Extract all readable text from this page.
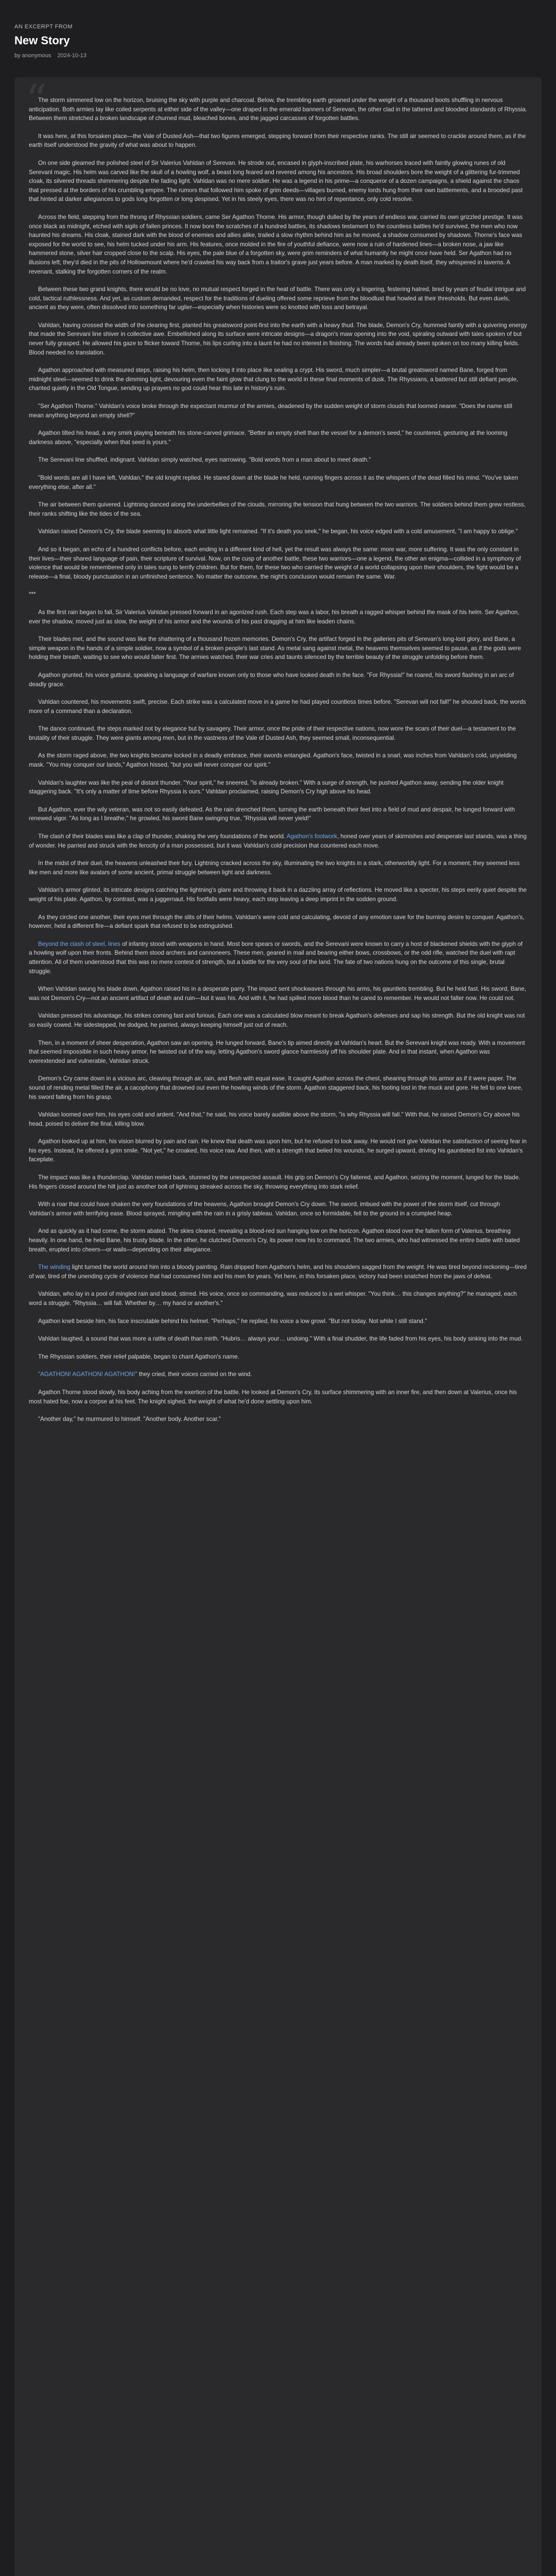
AN EXCERPT FROM
New Story
by anonymous 2024-10-13
“

The storm simmered low on the horizon, bruising the sky with purple and charcoal. Below, the trembling earth groaned under the weight of a thousand boots shuffling in nervous anticipation. Both armies lay like coiled serpents at either side of the valley—one draped in the emerald banners of Serevan, the other clad in the tattered and bloodied standards of Rhyssia. Between them stretched a broken landscape of churned mud, bleached bones, and the jagged carcasses of forgotten battles.

It was here, at this forsaken place—the Vale of Dusted Ash—that two figures emerged, stepping forward from their respective ranks. The still air seemed to crackle around them, as if the earth itself understood the gravity of what was about to happen.

On one side gleamed the polished steel of Sir Valerius Vahldan of Serevan. He strode out, encased in glyph-inscribed plate, his warhorses traced with faintly glowing runes of old Serevanl magic. His helm was carved like the skull of a howling wolf, a beast long feared and revered among his ancestors. His broad shoulders bore the weight of a glittering fur-trimmed cloak, its silvered threads shimmering despite the fading light. Vahldan was no mere soldier. He was a legend in his prime—a conqueror of a dozen campaigns, a shield against the chaos that pressed at the borders of his crumbling empire. The rumors that followed him spoke of grim deeds—villages burned, enemy lords hung from their own battlements, and a brooded past that hinted at darker allegiances to gods long forgotten or long despised. Yet in his steely eyes, there was no hint of repentance, only cold resolve.

Across the field, stepping from the throng of Rhyssian soldiers, came Ser Agathon Thorne. His armor, though dulled by the years of endless war, carried its own grizzled prestige. It was once black as midnight, etched with sigils of fallen princes. It now bore the scratches of a hundred battles, its shadows testament to the countless battles he'd survived, the men who now haunted his dreams. His cloak, stained dark with the blood of enemies and allies alike, trailed a slow rhythm behind him as he moved, a shadow consumed by shadows. Thorne's face was exposed for the world to see, his helm tucked under his arm. His features, once molded in the fire of youthful defiance, were now a ruin of hardened lines—a broken nose, a jaw like hammered stone, silver hair cropped close to the scalp. His eyes, the pale blue of a forgotten sky, were grim reminders of what humanity he might once have held. Ser Agathon had no illusions left; they'd died in the pits of Hollowmount where he'd crawled his way back from a traitor's grave just years before. A man marked by death itself, they whispered in taverns. A revenant, stalking the forgotten corners of the realm.

Between these two grand knights, there would be no love, no mutual respect forged in the heat of battle. There was only a lingering, festering hatred, bred by years of feudal intrigue and cold, tactical ruthlessness. And yet, as custom demanded, respect for the traditions of dueling offered some reprieve from the bloodlust that howled at their thresholds. But even duels, ancient as they were, often dissolved into something far uglier—especially when histories were so knotted with loss and betrayal.

Vahldan, having crossed the width of the clearing first, planted his greatsword point-first into the earth with a heavy thud. The blade, Demon's Cry, hummed faintly with a quivering energy that made the Serevani line shiver in collective awe. Embellished along its surface were intricate designs—a dragon's maw opening into the void, spiraling outward with tales spoken of but never fully grasped. He allowed his gaze to flicker toward Thorne, his lips curling into a taunt he had no interest in finishing. The words had already been spoken on too many killing fields. Blood needed no translation.

Agathon approached with measured steps, raising his helm, then locking it into place like sealing a crypt. His sword, much simpler—a brutal greatsword named Bane, forged from midnight steel—seemed to drink the dimming light, devouring even the faint glow that clung to the world in these final moments of dusk. The Rhyssians, a battered but still defiant people, chanted quietly in the Old Tongue, sending up prayers no god could hear this late in history's ruin.

"Ser Agathon Thorne." Vahldan's voice broke through the expectant murmur of the armies, deadened by the sudden weight of storm clouds that loomed nearer. "Does the name still mean anything beyond an empty shell?"

Agathon tilted his head, a wry smirk playing beneath his stone-carved grimace. "Better an empty shell than the vessel for a demon's seed," he countered, gesturing at the looming darkness above, "especially when that seed is yours."

The Serevani line shuffled, indignant. Vahldan simply watched, eyes narrowing. "Bold words from a man about to meet death."

"Bold words are all I have left, Vahldan," the old knight replied. He stared down at the blade he held, running fingers across it as the whispers of the dead filled his mind. "You've taken everything else, after all."

The air between them quivered. Lightning danced along the underbellies of the clouds, mirroring the tension that hung between the two warriors. The soldiers behind them grew restless, their ranks shifting like the tides of the sea.

Vahldan raised Demon's Cry, the blade seeming to absorb what little light remained. "If it's death you seek," he began, his voice edged with a cold amusement, "I am happy to oblige."

And so it began, an echo of a hundred conflicts before, each ending in a different kind of hell, yet the result was always the same: more war, more suffering. It was the only constant in their lives—their shared language of pain, their scripture of survival. Now, on the cusp of another battle, these two warriors—one a legend, the other an enigma—collided in a symphony of violence that would be remembered only in tales sung to terrify children. But for them, for these two who carried the weight of a world collapsing upon their shoulders, the fight would be a release—a final, bloody punctuation in an unfinished sentence. No matter the outcome, the night's conclusion would remain the same. War.

***

As the first rain began to fall, Sir Valerius Vahldan pressed forward in an agonized rush. Each step was a labor, his breath a ragged whisper behind the mask of his helm. Ser Agathon, ever the shadow, moved just as slow, the weight of his armor and the wounds of his past dragging at him like leaden chains.

Their blades met, and the sound was like the shattering of a thousand frozen memories. Demon's Cry, the artifact forged in the galleries pits of Serevan's long-lost glory, and Bane, a simple weapon in the hands of a simple soldier, now a symbol of a broken people's last stand. As metal sang against metal, the heavens themselves seemed to pause, as if the gods were holding their breath, waiting to see who would falter first. The armies watched, their war cries and taunts silenced by the terrible beauty of the struggle unfolding before them.

Agathon grunted, his voice guttural, speaking a language of warfare known only to those who have looked death in the face. "For Rhyssia!" he roared, his sword flashing in an arc of deadly grace.

Vahldan countered, his movements swift, precise. Each strike was a calculated move in a game he had played countless times before. "Serevan will not fall!" he shouted back, the words more of a command than a declaration.

The dance continued, the steps marked not by elegance but by savagery. Their armor, once the pride of their respective nations, now wore the scars of their duel—a testament to the brutality of their struggle. They were giants among men, but in the vastness of the Vale of Dusted Ash, they seemed small, inconsequential.

As the storm raged above, the two knights became locked in a deadly embrace, their swords entangled. Agathon's face, twisted in a snarl, was inches from Vahldan's cold, unyielding mask. "You may conquer our lands," Agathon hissed, "but you will never conquer our spirit."

Vahldan's laughter was like the peal of distant thunder. "Your spirit," he sneered, "is already broken." With a surge of strength, he pushed Agathon away, sending the older knight staggering back. "It's only a matter of time before Rhyssia is ours." Vahldan proclaimed, raising Demon's Cry high above his head.

But Agathon, ever the wily veteran, was not so easily defeated. As the rain drenched them, turning the earth beneath their feet into a field of mud and despair, he lunged forward with renewed vigor. "As long as I breathe," he growled, his sword Bane swinging true, "Rhyssia will never yield!"

The clash of their blades was like a clap of thunder, shaking the very foundations of the world. Agathon's footwork, honed over years of skirmishes and desperate last stands, was a thing of wonder. He parried and struck with the ferocity of a man possessed, but it was Vahldan's cold precision that countered each move.

In the midst of their duel, the heavens unleashed their fury. Lightning cracked across the sky, illuminating the two knights in a stark, otherworldly light. For a moment, they seemed less like men and more like avatars of some ancient, primal struggle between light and darkness.

Vahldan's armor glinted, its intricate designs catching the lightning's glare and throwing it back in a dazzling array of reflections. He moved like a specter, his steps eerily quiet despite the weight of his plate. Agathon, by contrast, was a juggernaut. His footfalls were heavy, each step leaving a deep imprint in the sodden ground.

As they circled one another, their eyes met through the slits of their helms. Vahldan's were cold and calculating, devoid of any emotion save for the burning desire to conquer. Agathon's, however, held a different fire—a defiant spark that refused to be extinguished.

Beyond the clash of steel, lines of infantry stood with weapons in hand. Most bore spears or swords, and the Serevani were known to carry a host of blackened shields with the glyph of a howling wolf upon their fronts. Behind them stood archers and cannoneers. These men, geared in mail and bearing either bows, crossbows, or the odd rifle, watched the duel with rapt attention. All of them understood that this was no mere contest of strength, but a battle for the very soul of the land. The fate of two nations hung on the outcome of this single, brutal struggle.

When Vahldan swung his blade down, Agathon raised his in a desperate parry. The impact sent shockwaves through his arms, his gauntlets trembling. But he held fast. His sword, Bane, was not Demon's Cry—not an ancient artifact of death and ruin—but it was his. And with it, he had spilled more blood than he cared to remember. He would not falter now. He could not.

Vahldan pressed his advantage, his strikes coming fast and furious. Each one was a calculated blow meant to break Agathon's defenses and sap his strength. But the old knight was not so easily cowed. He sidestepped, he dodged, he parried, always keeping himself just out of reach.

Then, in a moment of sheer desperation, Agathon saw an opening. He lunged forward, Bane's tip aimed directly at Vahldan's heart. But the Serevani knight was ready. With a movement that seemed impossible in such heavy armor, he twisted out of the way, letting Agathon's sword glance harmlessly off his shoulder plate. And in that instant, when Agathon was overextended and vulnerable, Vahldan struck.

Demon's Cry came down in a vicious arc, cleaving through air, rain, and flesh with equal ease. It caught Agathon across the chest, shearing through his armor as if it were paper. The sound of rending metal filled the air, a cacophony that drowned out even the howling winds of the storm. Agathon staggered back, his footing lost in the muck and gore. He fell to one knee, his sword falling from his grasp.

Vahldan loomed over him, his eyes cold and ardent. "And that," he said, his voice barely audible above the storm, "is why Rhyssia will fall." With that, he raised Demon's Cry above his head, poised to deliver the final, killing blow.

Agathon looked up at him, his vision blurred by pain and rain. He knew that death was upon him, but he refused to look away. He would not give Vahldan the satisfaction of seeing fear in his eyes. Instead, he offered a grim smile. "Not yet," he croaked, his voice raw. And then, with a strength that belied his wounds, he surged upward, driving his gauntleted fist into Vahldan's faceplate.

The impact was like a thunderclap. Vahldan reeled back, stunned by the unexpected assault. His grip on Demon's Cry faltered, and Agathon, seizing the moment, lunged for the blade. His fingers closed around the hilt just as another bolt of lightning streaked across the sky, throwing everything into stark relief.

With a roar that could have shaken the very foundations of the heavens, Agathon brought Demon's Cry down. The sword, imbued with the power of the storm itself, cut through Vahldan's armor with terrifying ease. Blood sprayed, mingling with the rain in a grisly tableau. Vahldan, once so formidable, fell to the ground in a crumpled heap.

And as quickly as it had come, the storm abated. The skies cleared, revealing a blood-red sun hanging low on the horizon. Agathon stood over the fallen form of Valerius, breathing heavily. In one hand, he held Bane, his trusty blade. In the other, he clutched Demon's Cry, its power now his to command. The two armies, who had witnessed the entire battle with bated breath, erupted into cheers—or wails—depending on their allegiance.

The winding light turned the world around him into a bloody painting. Rain dripped from Agathon's helm, and his shoulders sagged from the weight. He was tired beyond reckoning—tired of war, tired of the unending cycle of violence that had consumed him and his men for years. Yet here, in this forsaken place, victory had been snatched from the jaws of defeat.

Vahldan, who lay in a pool of mingled rain and blood, stirred. His voice, once so commanding, was reduced to a wet whisper. "You think… this changes anything?" he managed, each word a struggle. "Rhyssia… will fall. Whether by… my hand or another's."

Agathon knelt beside him, his face inscrutable behind his helmet. "Perhaps," he replied, his voice a low growl. "But not today. Not while I still stand."

Vahldan laughed, a sound that was more a rattle of death than mirth. "Hubris… always your… undoing." With a final shudder, the life faded from his eyes, his body sinking into the mud.

The Rhyssian soldiers, their relief palpable, began to chant Agathon's name.

"AGATHON! AGATHON! AGATHON!" they cried, their voices carried on the wind.

Agathon Thorne stood slowly, his body aching from the exertion of the battle. He looked at Demon's Cry, its surface shimmering with an inner fire, and then down at Valerius, once his most hated foe, now a corpse at his feet. The knight sighed, the weight of what he'd done settling upon him.

"Another day," he murmured to himself. "Another body. Another scar."
